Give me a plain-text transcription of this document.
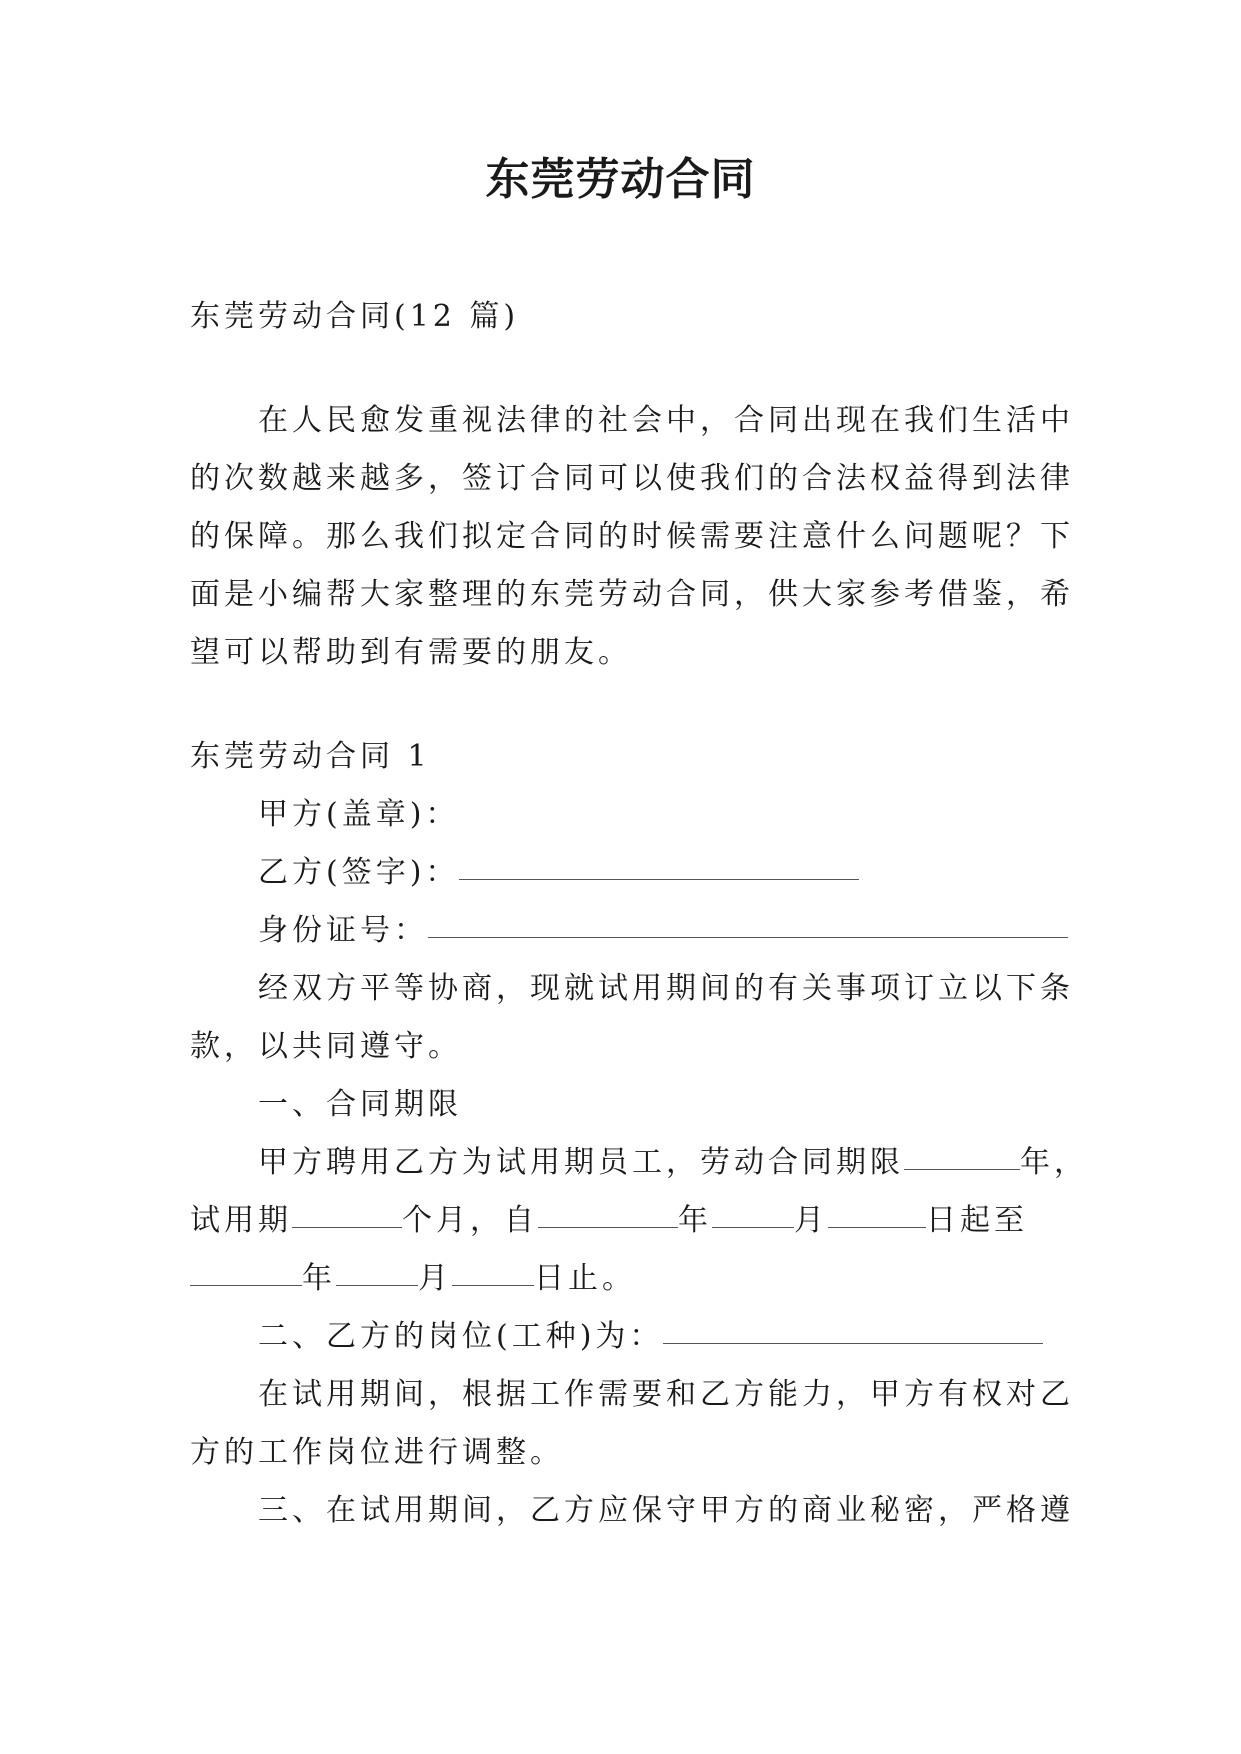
东莞劳动合同

东莞劳动合同(12 篇)

在人民愈发重视法律的社会中，合同出现在我们生活中

的次数越来越多，签订合同可以使我们的合法权益得到法律

的保障。那么我们拟定合同的时候需要注意什么问题呢？下

面是小编帮大家整理的东莞劳动合同，供大家参考借鉴，希

望可以帮助到有需要的朋友。

东莞劳动合同 1

甲方(盖章)：

乙方(签字)：

身份证号：

经双方平等协商，现就试用期间的有关事项订立以下条

款，以共同遵守。

一、合同期限

甲方聘用乙方为试用期员工，劳动合同期限	年，

试用期	个月，自	年	月	日起至

年	月	日止。

二、乙方的岗位(工种)为：

在试用期间，根据工作需要和乙方能力，甲方有权对乙

方的工作岗位进行调整。

三、在试用期间，乙方应保守甲方的商业秘密，严格遵
